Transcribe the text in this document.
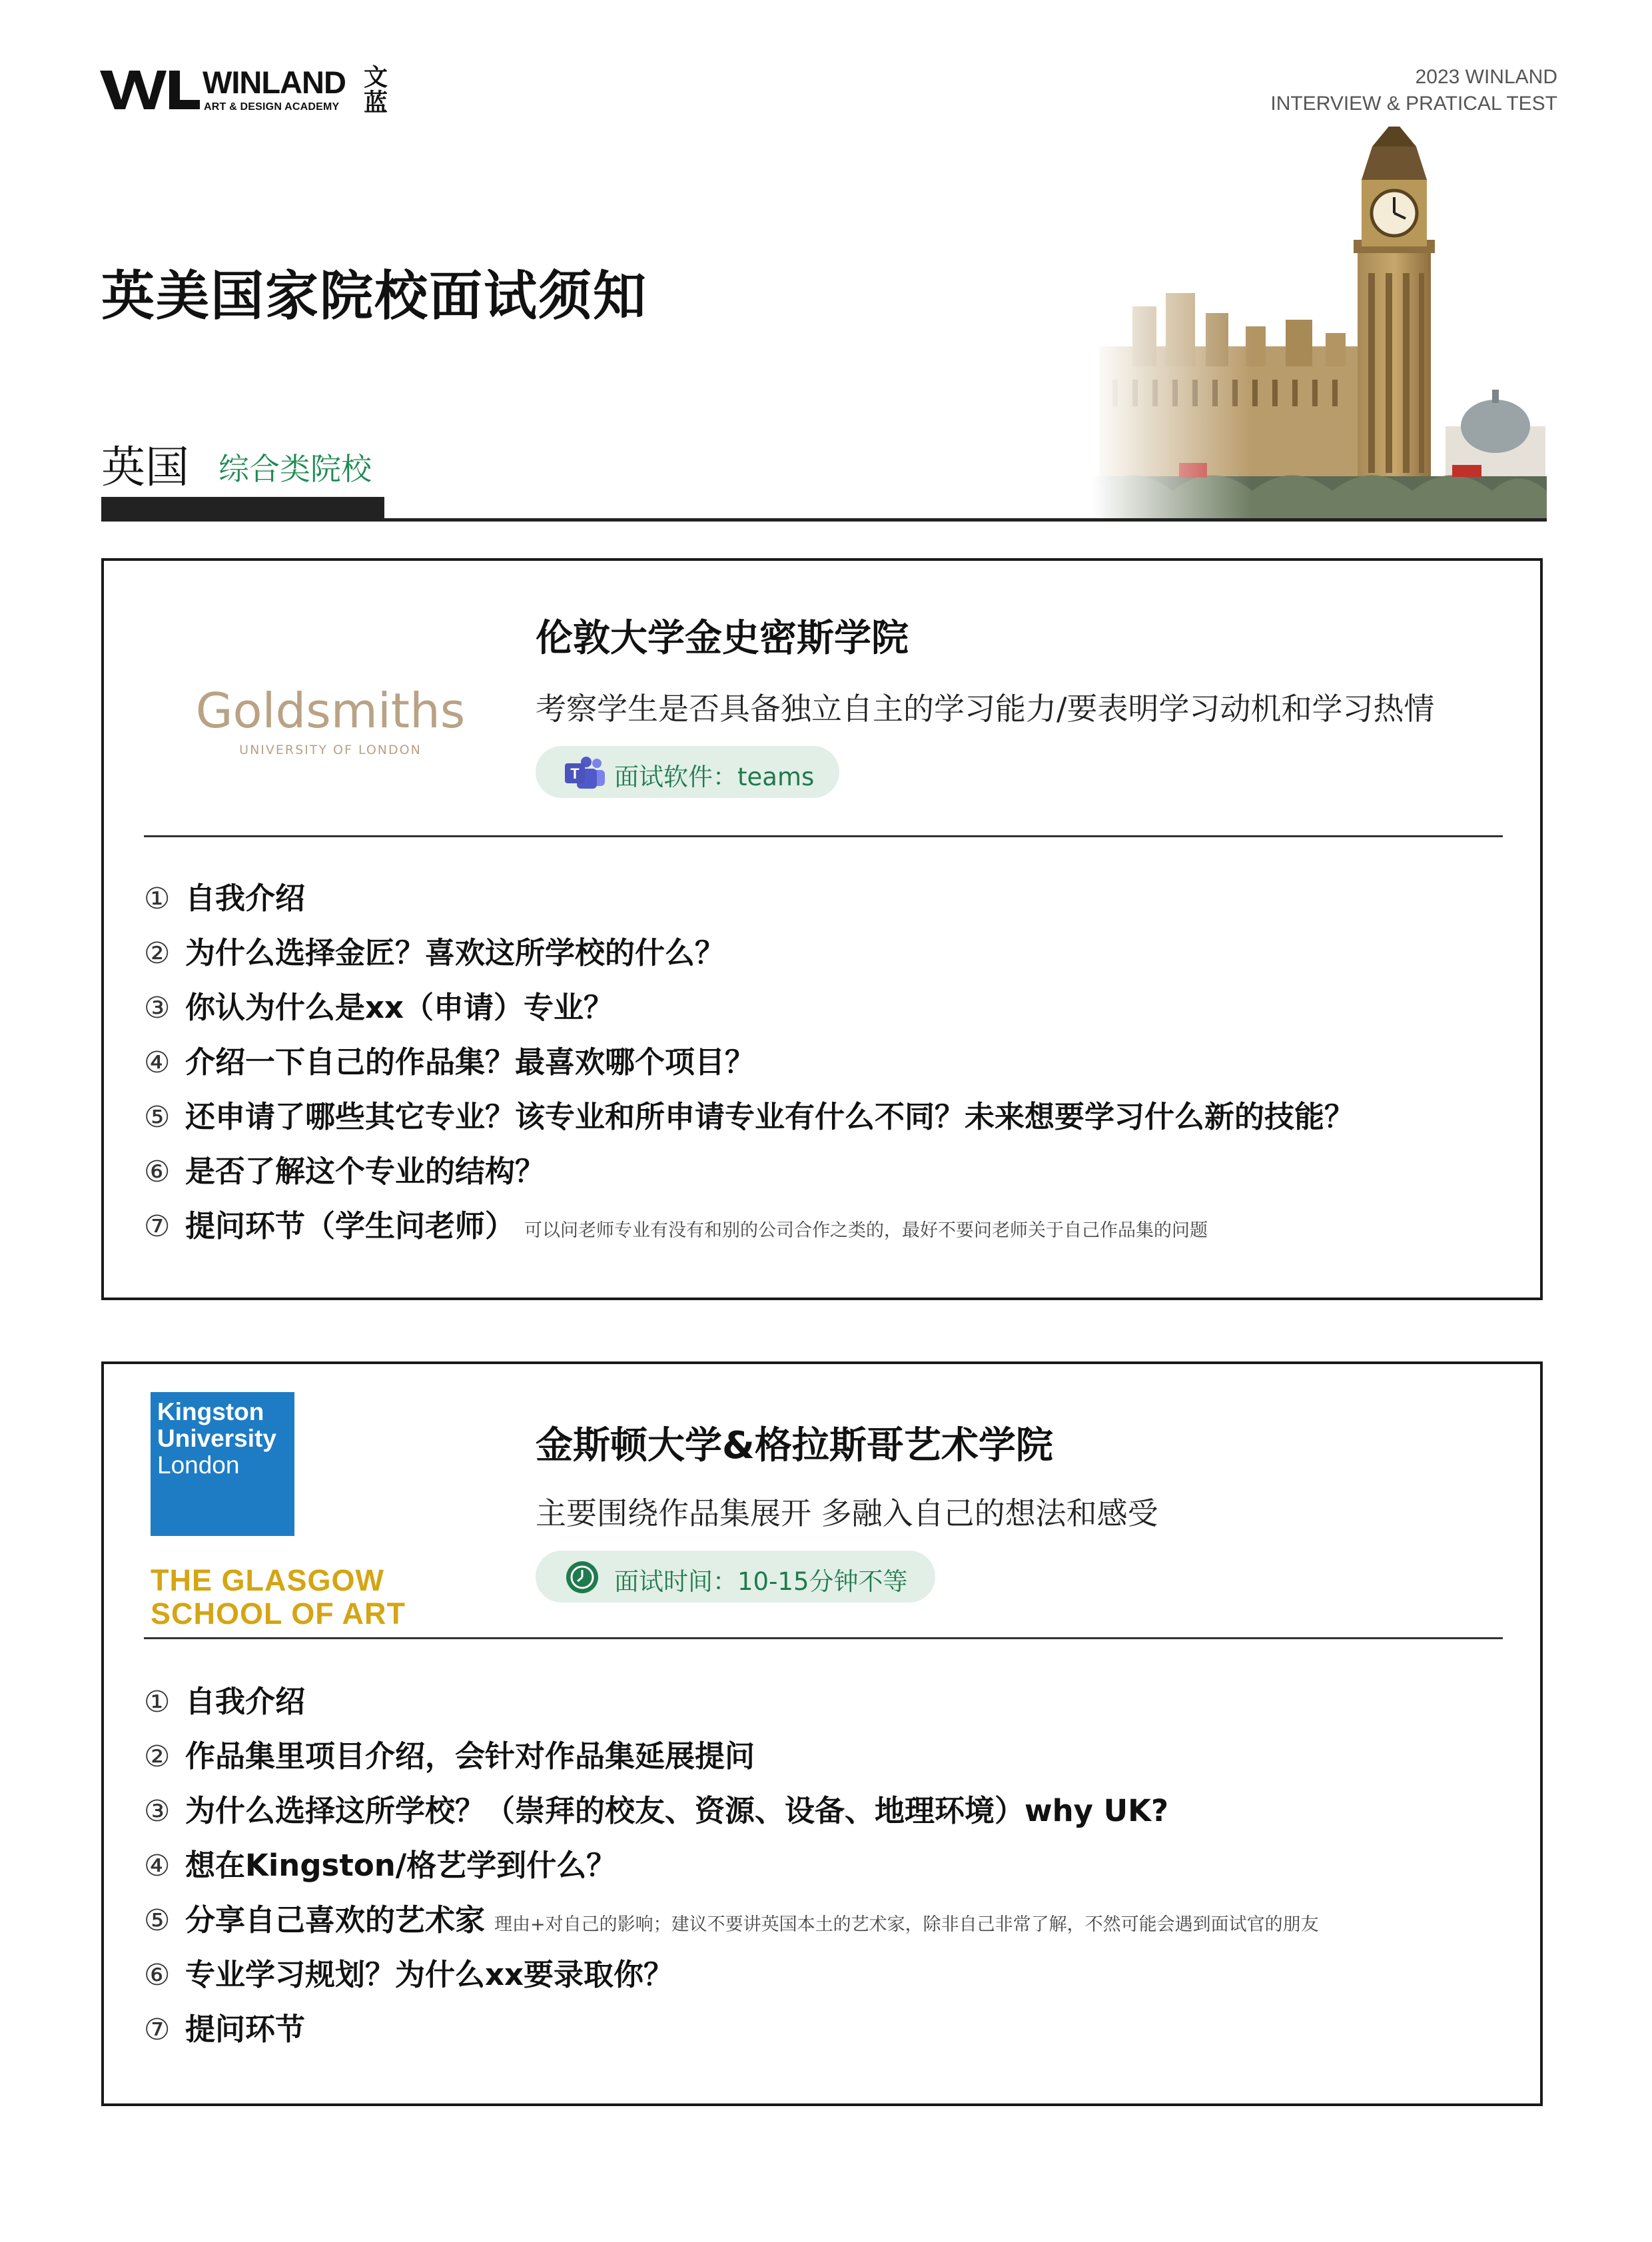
WINLAND
ART & DESIGN ACADEMY
文蓝
2023 WINLAND
INTERVIEW & PRATICAL TEST
英美国家院校面试须知
英国 综合类院校
Goldsmiths
UNIVERSITY OF LONDON
伦敦大学金史密斯学院
考察学生是否具备独立自主的学习能力/要表明学习动机和学习热情
T 面试软件：teams
① 自我介绍
② 为什么选择金匠？喜欢这所学校的什么？
③ 你认为什么是xx（申请）专业？
④ 介绍一下自己的作品集？最喜欢哪个项目？
⑤ 还申请了哪些其它专业？该专业和所申请专业有什么不同？未来想要学习什么新的技能？
⑥ 是否了解这个专业的结构？
⑦ 提问环节（学生问老师） 可以问老师专业有没有和别的公司合作之类的，最好不要问老师关于自己作品集的问题
Kingston
University
London
THE GLASGOW
SCHOOL OF ART
金斯顿大学&格拉斯哥艺术学院
主要围绕作品集展开 多融入自己的想法和感受
面试时间：10-15分钟不等
① 自我介绍
② 作品集里项目介绍，会针对作品集延展提问
③ 为什么选择这所学校？（崇拜的校友、资源、设备、地理环境）why UK?
④ 想在Kingston/格艺学到什么？
⑤ 分享自己喜欢的艺术家 理由+对自己的影响；建议不要讲英国本土的艺术家，除非自己非常了解，不然可能会遇到面试官的朋友
⑥ 专业学习规划？为什么xx要录取你？
⑦ 提问环节
